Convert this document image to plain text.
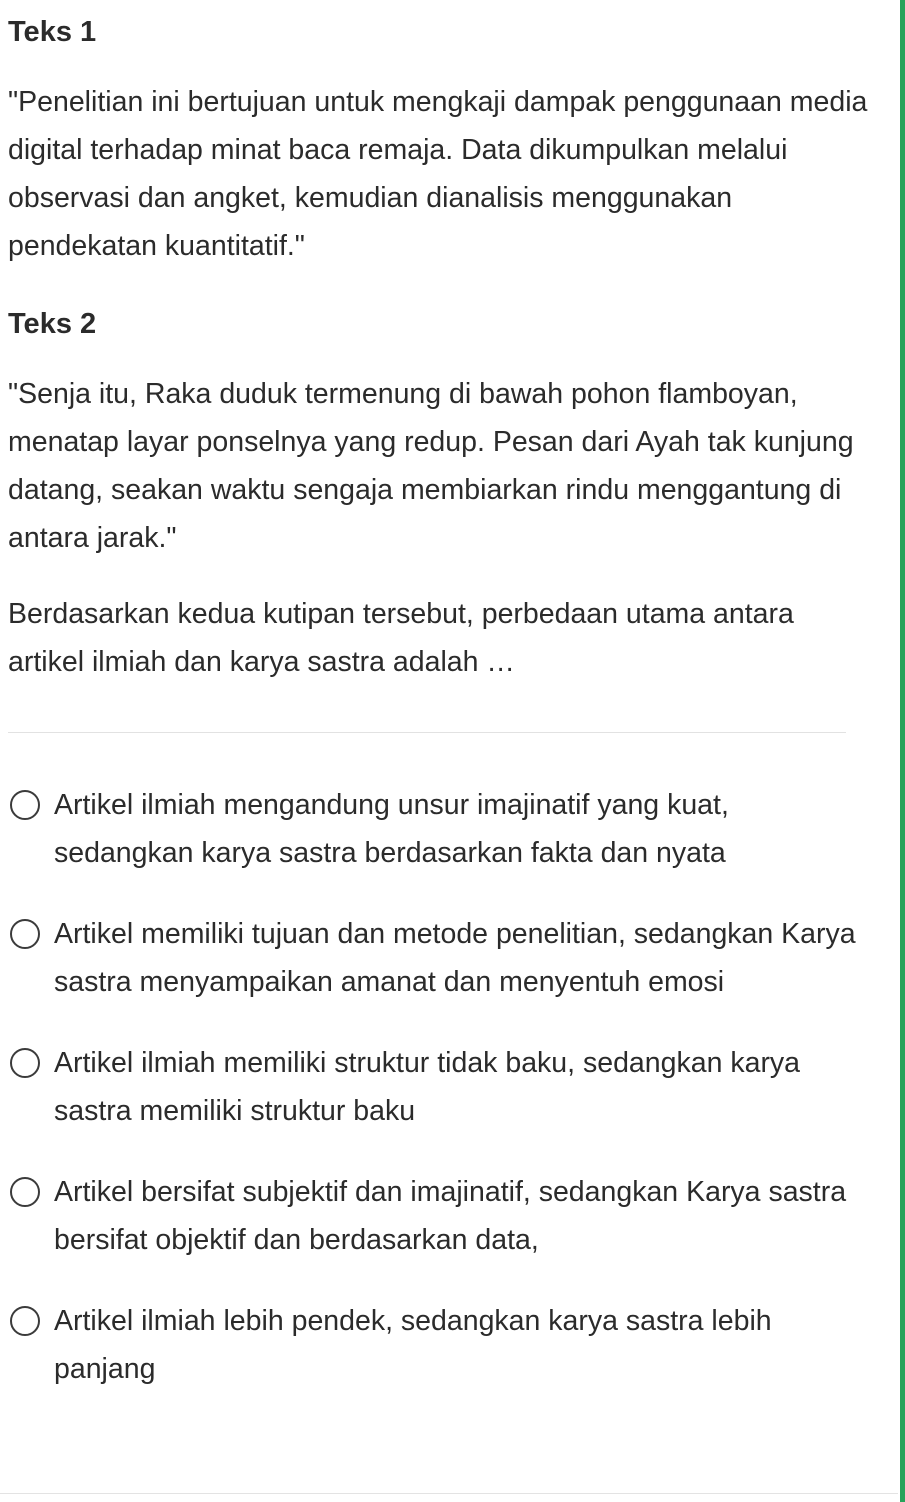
Teks 1

"Penelitian ini bertujuan untuk mengkaji dampak penggunaan media digital terhadap minat baca remaja. Data dikumpulkan melalui observasi dan angket, kemudian dianalisis menggunakan pendekatan kuantitatif."

Teks 2

"Senja itu, Raka duduk termenung di bawah pohon flamboyan, menatap layar ponselnya yang redup. Pesan dari Ayah tak kunjung datang, seakan waktu sengaja membiarkan rindu menggantung di antara jarak."

Berdasarkan kedua kutipan tersebut, perbedaan utama antara artikel ilmiah dan karya sastra adalah …

Artikel ilmiah mengandung unsur imajinatif yang kuat, sedangkan karya sastra berdasarkan fakta dan nyata
Artikel memiliki tujuan dan metode penelitian, sedangkan Karya sastra menyampaikan amanat dan menyentuh emosi
Artikel ilmiah memiliki struktur tidak baku, sedangkan karya sastra memiliki struktur baku
Artikel bersifat subjektif dan imajinatif, sedangkan Karya sastra bersifat objektif dan berdasarkan data,
Artikel ilmiah lebih pendek, sedangkan karya sastra lebih panjang
